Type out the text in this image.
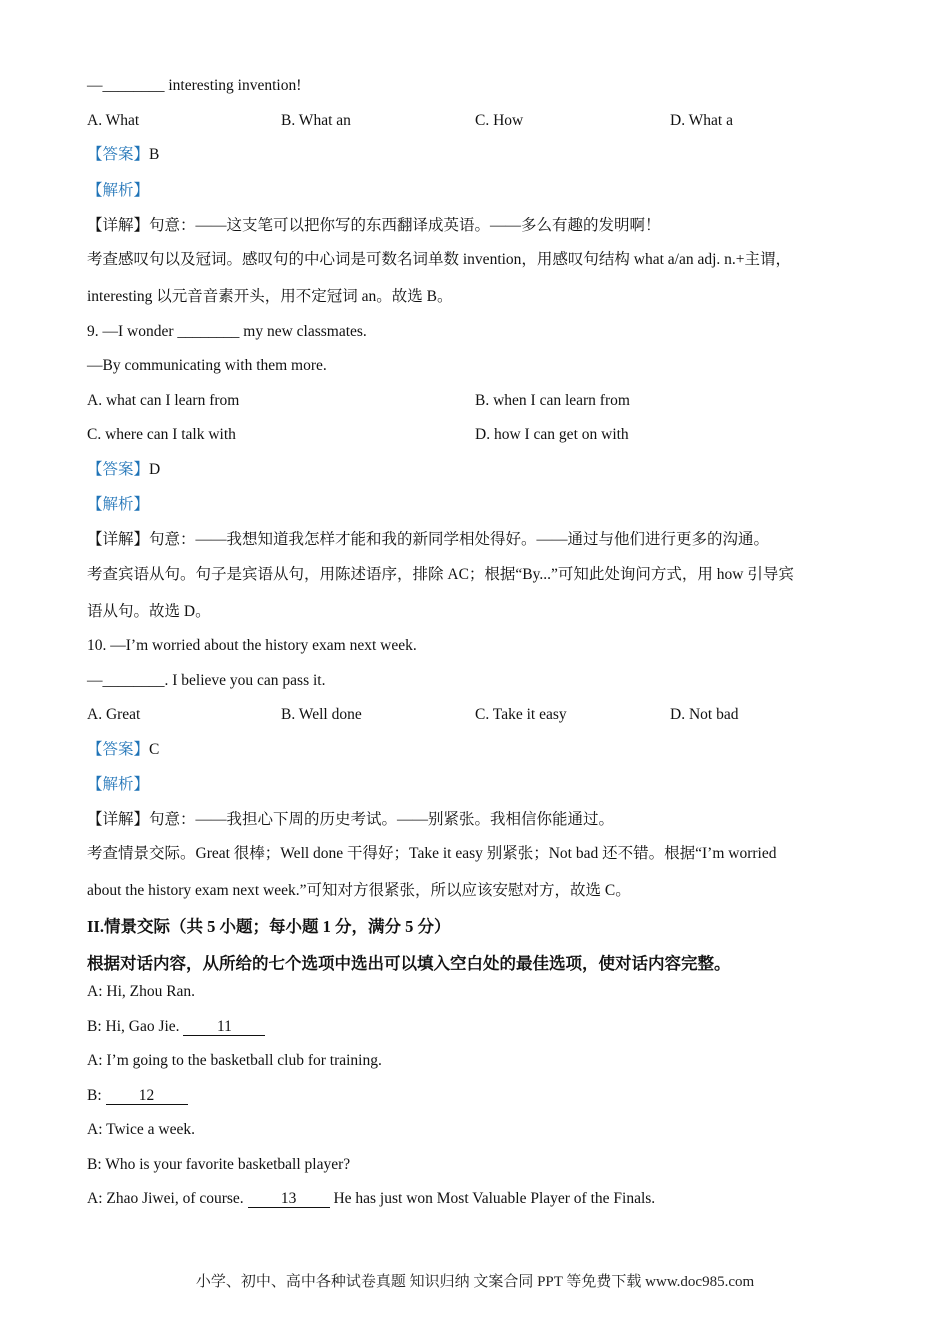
—________ interesting invention!
A. What	B. What an	C. How	D. What a
【答案】B
【解析】
【详解】句意：——这支笔可以把你写的东西翻译成英语。——多么有趣的发明啊！
考查感叹句以及冠词。感叹句的中心词是可数名词单数 invention，用感叹句结构 what a/an adj. n.+主谓，
interesting 以元音音素开头，用不定冠词 an。故选 B。
9. —I wonder ________ my new classmates.
—By communicating with them more.
A. what can I learn from	B. when I can learn from
C. where can I talk with	D. how I can get on with
【答案】D
【解析】
【详解】句意：——我想知道我怎样才能和我的新同学相处得好。——通过与他们进行更多的沟通。
考查宾语从句。句子是宾语从句，用陈述语序，排除 AC；根据“By...”可知此处询问方式，用 how 引导宾
语从句。故选 D。
10. —I’m worried about the history exam next week.
—________. I believe you can pass it.
A. Great	B. Well done	C. Take it easy	D. Not bad
【答案】C
【解析】
【详解】句意：——我担心下周的历史考试。——别紧张。我相信你能通过。
考查情景交际。Great 很棒；Well done 干得好；Take it easy 别紧张；Not bad 还不错。根据“I’m worried
about the history exam next week.”可知对方很紧张，所以应该安慰对方，故选 C。
II.情景交际（共 5 小题；每小题 1 分，满分 5 分）
根据对话内容，从所给的七个选项中选出可以填入空白处的最佳选项，使对话内容完整。
A: Hi, Zhou Ran.
B: Hi, Gao Jie. 11
A: I’m going to the basketball club for training.
B: 12
A: Twice a week.
B: Who is your favorite basketball player?
A: Zhao Jiwei, of course. 13 He has just won Most Valuable Player of the Finals.
小学、初中、高中各种试卷真题 知识归纳 文案合同 PPT 等免费下载 www.doc985.com
